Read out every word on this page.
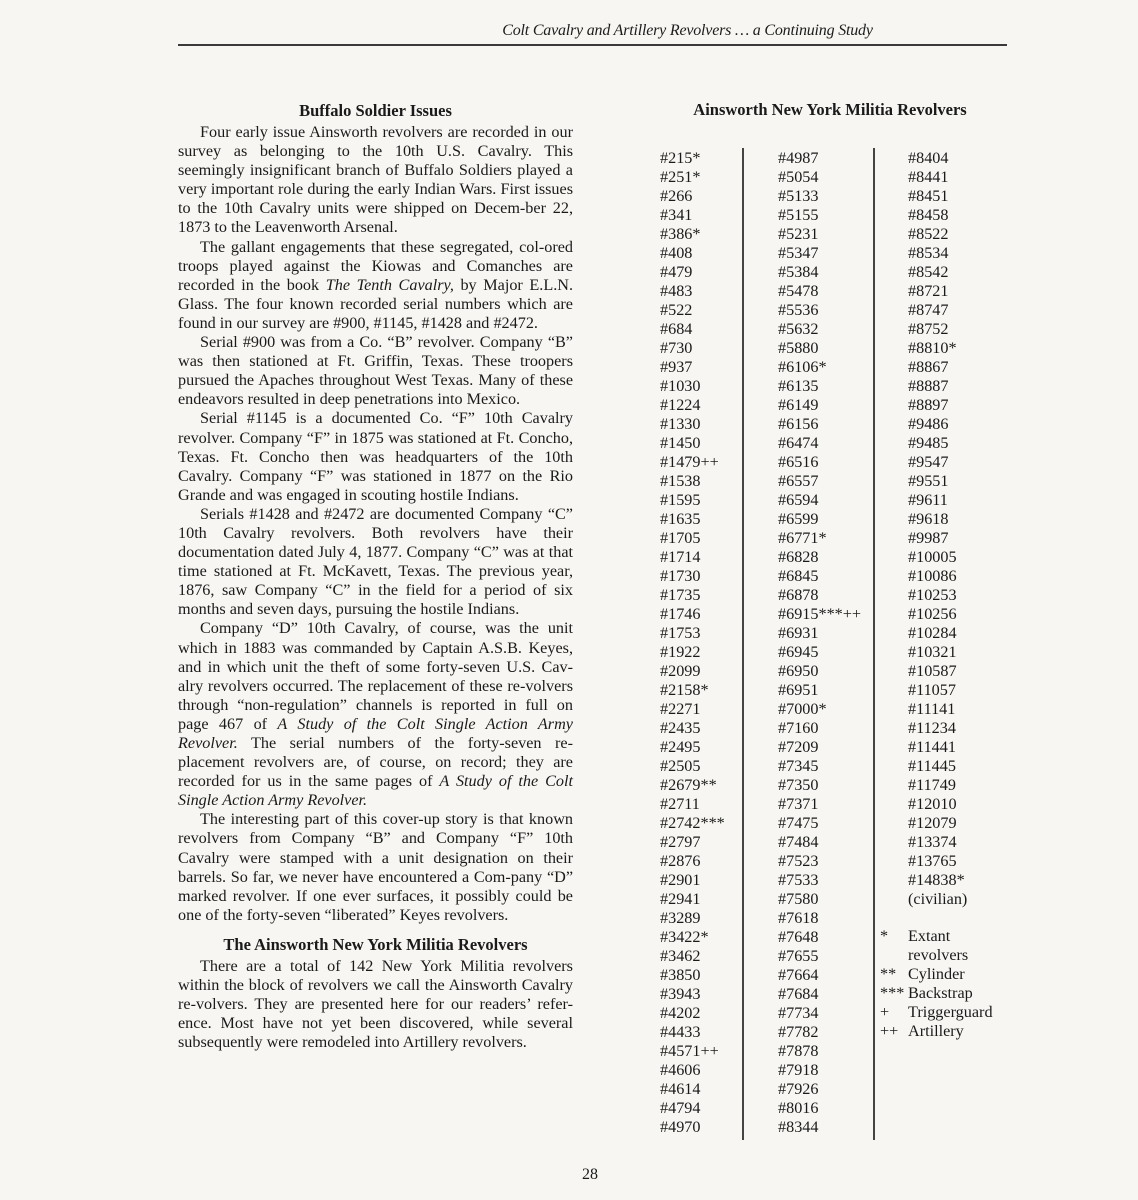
Colt Cavalry and Artillery Revolvers … a Continuing Study
Buffalo Soldier Issues

Four early issue Ainsworth revolvers are recorded in our survey as belonging to the 10th U.S. Cavalry. This seemingly insignificant branch of Buffalo Soldiers played a very important role during the early Indian Wars. First issues to the 10th Cavalry units were shipped on Decem-ber 22, 1873 to the Leavenworth Arsenal.

The gallant engagements that these segregated, col-ored troops played against the Kiowas and Comanches are recorded in the book The Tenth Cavalry, by Major E.L.N. Glass. The four known recorded serial numbers which are found in our survey are #900, #1145, #1428 and #2472.

Serial #900 was from a Co. “B” revolver. Company “B” was then stationed at Ft. Griffin, Texas. These troopers pursued the Apaches throughout West Texas. Many of these endeavors resulted in deep penetrations into Mexico.

Serial #1145 is a documented Co. “F” 10th Cavalry revolver. Company “F” in 1875 was stationed at Ft. Concho, Texas. Ft. Concho then was headquarters of the 10th Cavalry. Company “F” was stationed in 1877 on the Rio Grande and was engaged in scouting hostile Indians.

Serials #1428 and #2472 are documented Company “C” 10th Cavalry revolvers. Both revolvers have their documentation dated July 4, 1877. Company “C” was at that time stationed at Ft. McKavett, Texas. The previous year, 1876, saw Company “C” in the field for a period of six months and seven days, pursuing the hostile Indians.

Company “D” 10th Cavalry, of course, was the unit which in 1883 was commanded by Captain A.S.B. Keyes, and in which unit the theft of some forty-seven U.S. Cav-alry revolvers occurred. The replacement of these re-volvers through “non-regulation” channels is reported in full on page 467 of A Study of the Colt Single Action Army Revolver. The serial numbers of the forty-seven re-placement revolvers are, of course, on record; they are recorded for us in the same pages of A Study of the Colt Single Action Army Revolver.

The interesting part of this cover-up story is that known revolvers from Company “B” and Company “F” 10th Cavalry were stamped with a unit designation on their barrels. So far, we never have encountered a Com-pany “D” marked revolver. If one ever surfaces, it possibly could be one of the forty-seven “liberated” Keyes revolvers.

The Ainsworth New York Militia Revolvers

There are a total of 142 New York Militia revolvers within the block of revolvers we call the Ainsworth Cavalry re-volvers. They are presented here for our readers’ refer-ence. Most have not yet been discovered, while several subsequently were remodeled into Artillery revolvers.

Ainsworth New York Militia Revolvers
#215*
#251*
#266
#341
#386*
#408
#479
#483
#522
#684
#730
#937
#1030
#1224
#1330
#1450
#1479++
#1538
#1595
#1635
#1705
#1714
#1730
#1735
#1746
#1753
#1922
#2099
#2158*
#2271
#2435
#2495
#2505
#2679**
#2711
#2742***
#2797
#2876
#2901
#2941
#3289
#3422*
#3462
#3850
#3943
#4202
#4433
#4571++
#4606
#4614
#4794
#4970
#4987
#5054
#5133
#5155
#5231
#5347
#5384
#5478
#5536
#5632
#5880
#6106*
#6135
#6149
#6156
#6474
#6516
#6557
#6594
#6599
#6771*
#6828
#6845
#6878
#6915***++
#6931
#6945
#6950
#6951
#7000*
#7160
#7209
#7345
#7350
#7371
#7475
#7484
#7523
#7533
#7580
#7618
#7648
#7655
#7664
#7684
#7734
#7782
#7878
#7918
#7926
#8016
#8344
#8404
#8441
#8451
#8458
#8522
#8534
#8542
#8721
#8747
#8752
#8810*
#8867
#8887
#8897
#9486
#9485
#9547
#9551
#9611
#9618
#9987
#10005
#10086
#10253
#10256
#10284
#10321
#10587
#11057
#11141
#11234
#11441
#11445
#11749
#12010
#12079
#13374
#13765
#14838*
(civilian)
*	Extant
revolvers
** Cylinder
*** Backstrap
+	Triggerguard
++ Artillery
28
